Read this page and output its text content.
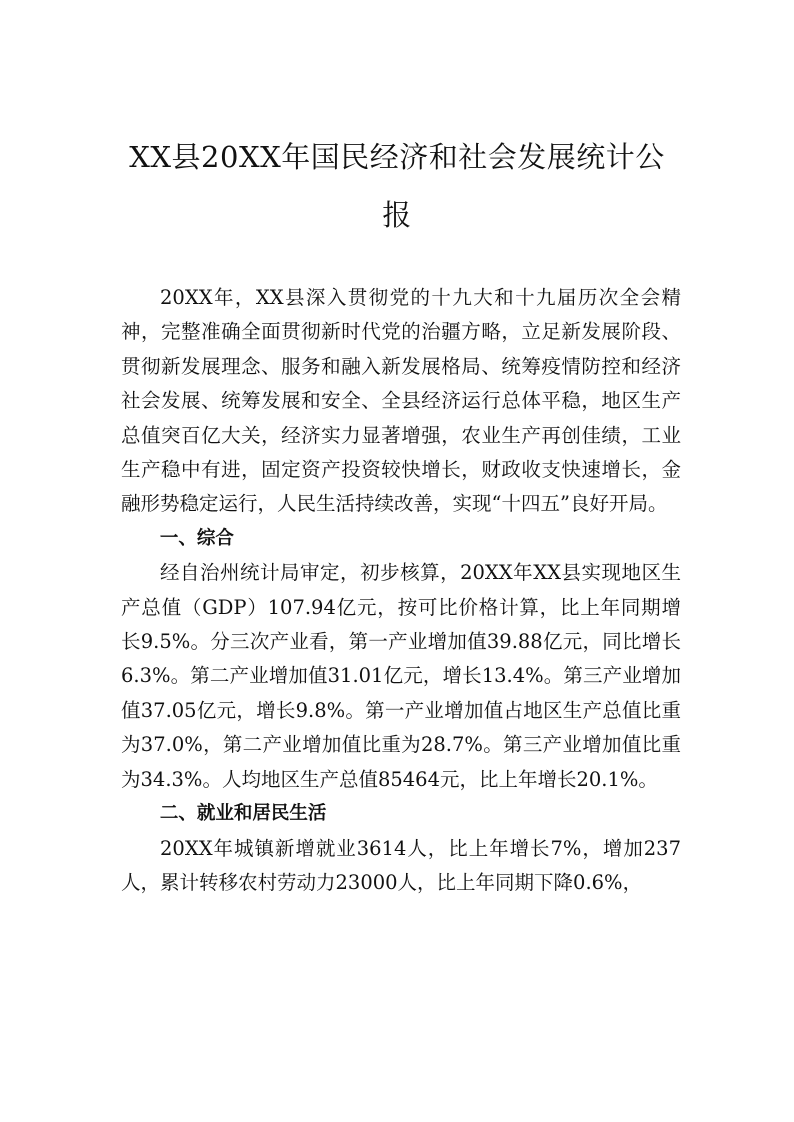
XX县20XX年国民经济和社会发展统计公报

20XX年，XX县深入贯彻党的十九大和十九届历次全会精神，完整准确全面贯彻新时代党的治疆方略，立足新发展阶段、贯彻新发展理念、服务和融入新发展格局、统筹疫情防控和经济社会发展、统筹发展和安全、全县经济运行总体平稳，地区生产总值突百亿大关，经济实力显著增强，农业生产再创佳绩，工业生产稳中有进，固定资产投资较快增长，财政收支快速增长，金融形势稳定运行，人民生活持续改善，实现“十四五”良好开局。

一、综合

经自治州统计局审定，初步核算，20XX年XX县实现地区生产总值（GDP）107.94亿元，按可比价格计算，比上年同期增长9.5%。分三次产业看，第一产业增加值39.88亿元，同比增长6.3%。第二产业增加值31.01亿元，增长13.4%。第三产业增加值37.05亿元，增长9.8%。第一产业增加值占地区生产总值比重为37.0%，第二产业增加值比重为28.7%。第三产业增加值比重为34.3%。人均地区生产总值85464元，比上年增长20.1%。

二、就业和居民生活

20XX年城镇新增就业3614人，比上年增长7%，增加237人，累计转移农村劳动力23000人，比上年同期下降0.6%，
